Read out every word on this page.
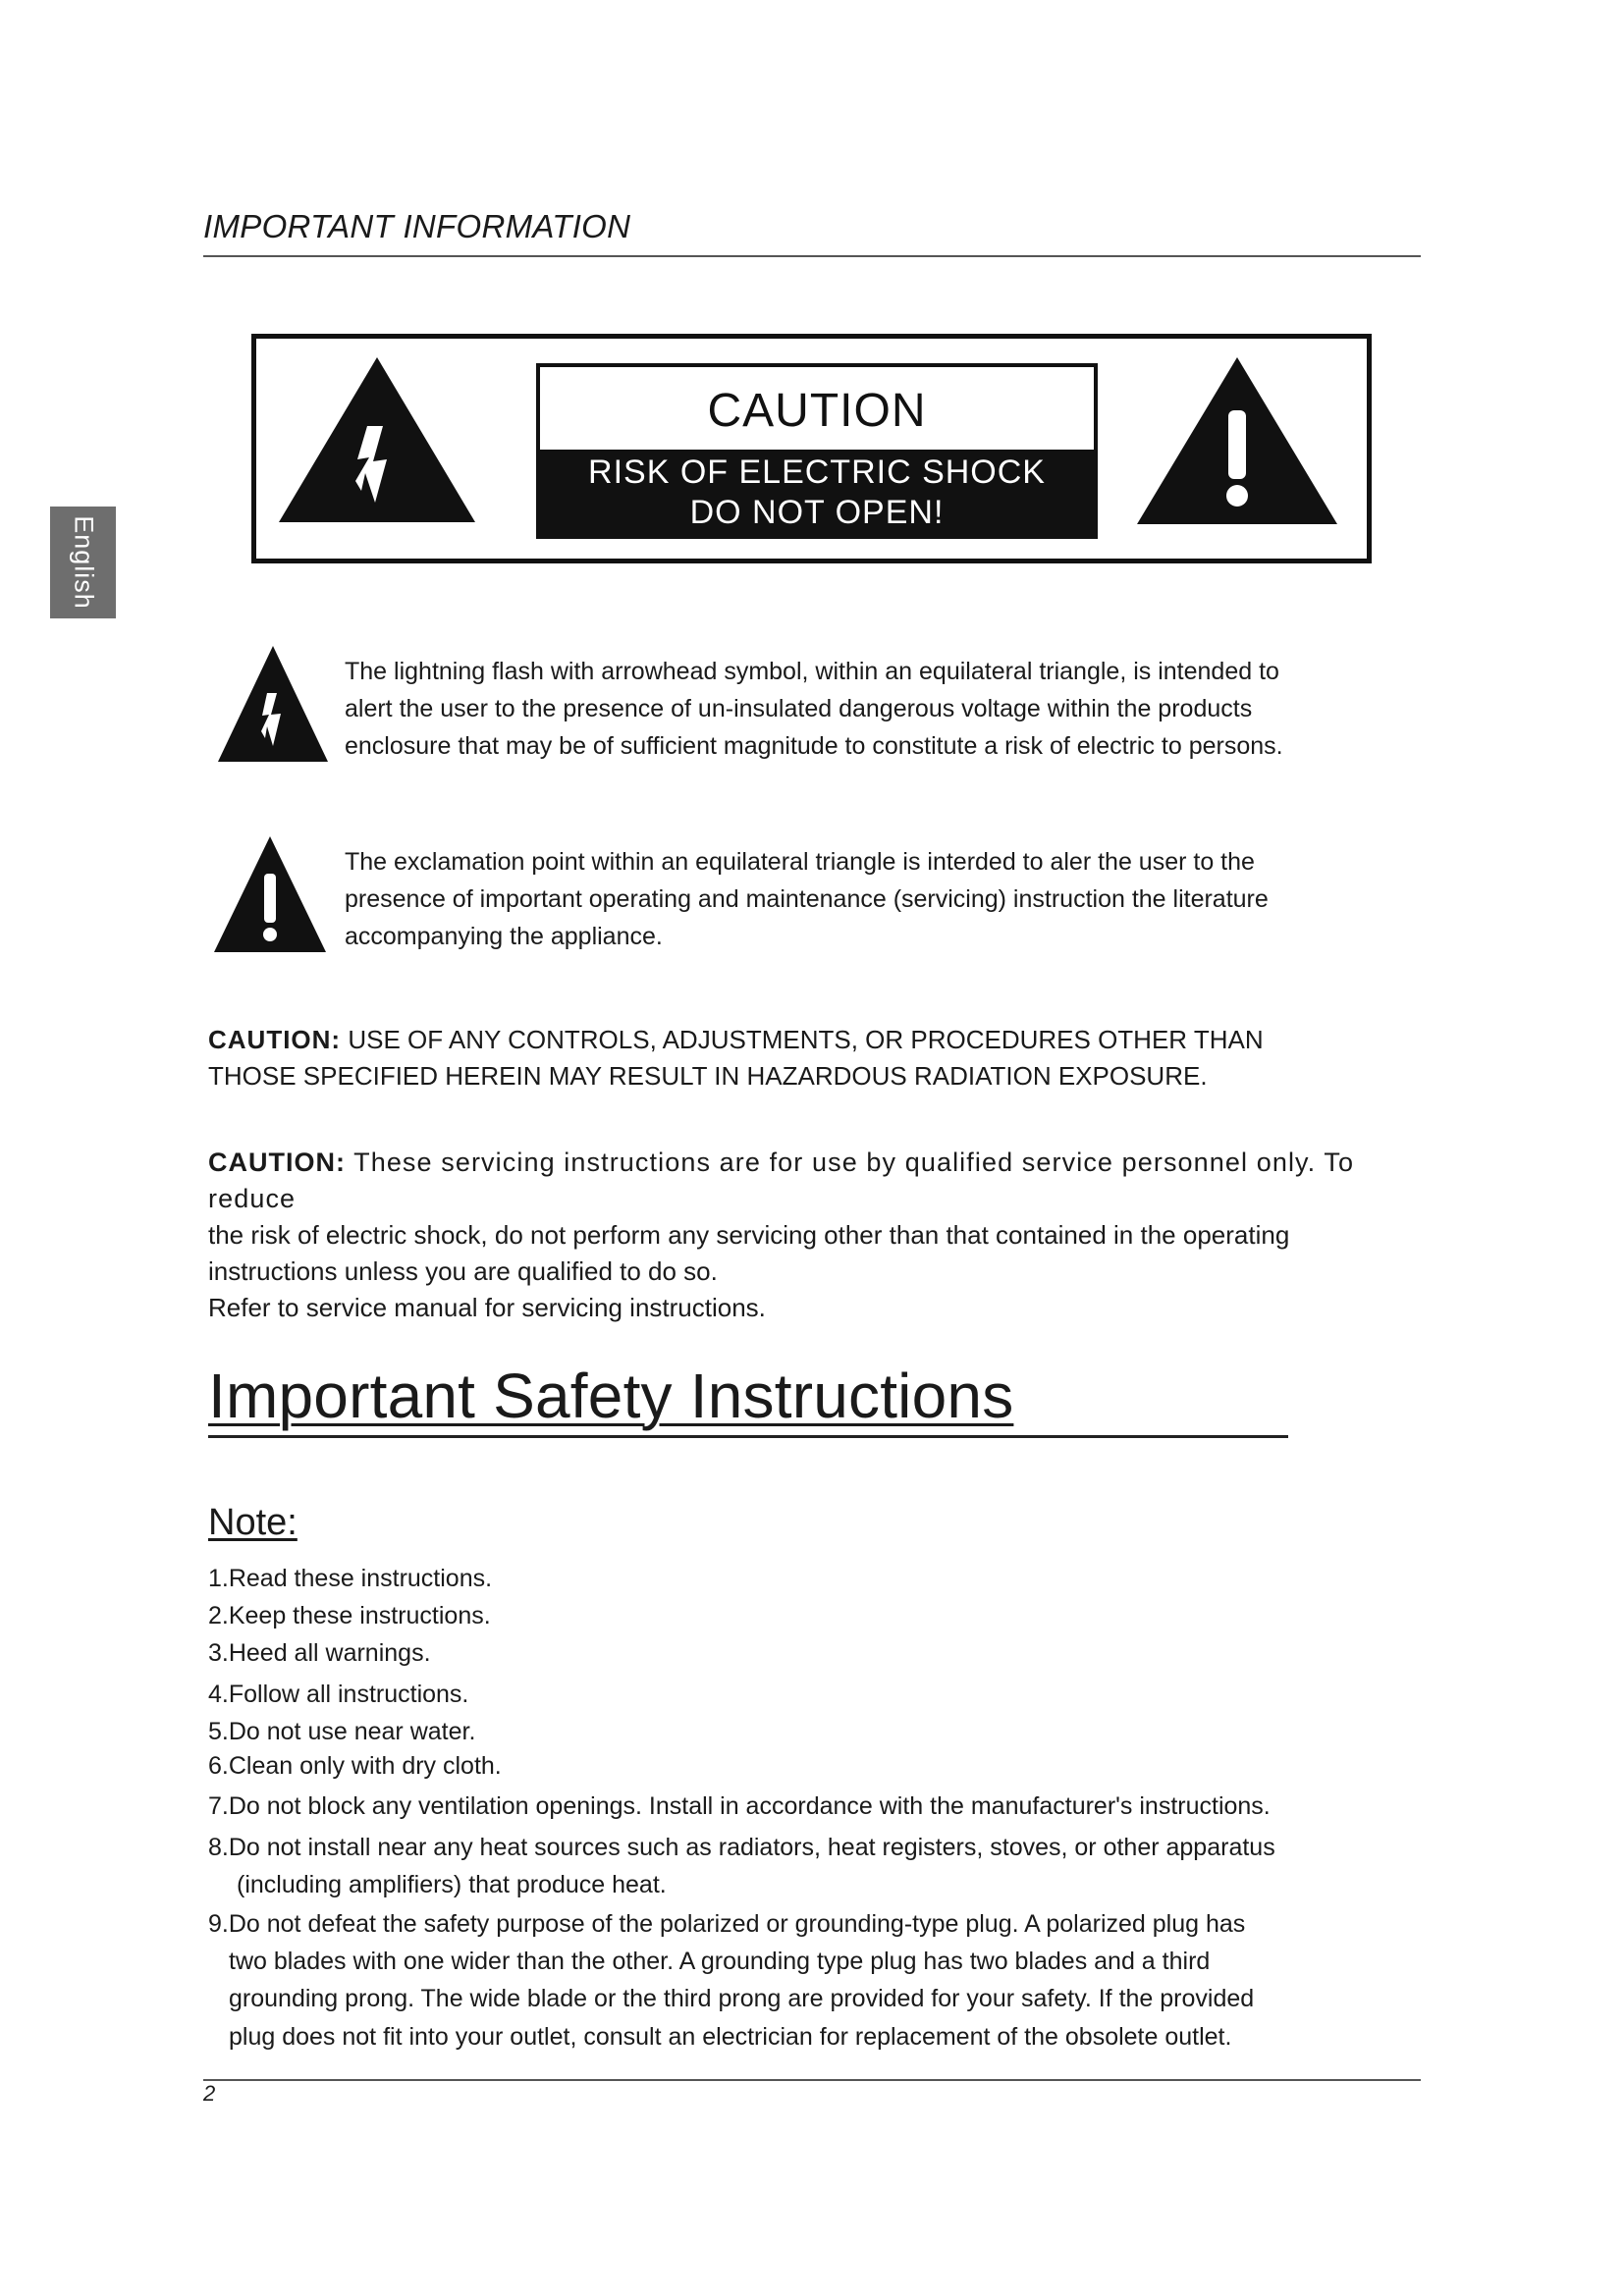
IMPORTANT INFORMATION
English
CAUTION
RISK OF ELECTRIC SHOCK
DO NOT OPEN!
The lightning flash with arrowhead symbol, within an equilateral triangle, is intended to
alert the user to the presence of un-insulated dangerous voltage within the products
enclosure that may be of sufficient magnitude to constitute a risk of electric to persons.
The exclamation point within an equilateral triangle is interded to aler the user to the
presence of important operating and maintenance (servicing) instruction the literature
accompanying the appliance.
CAUTION: USE OF ANY CONTROLS, ADJUSTMENTS, OR PROCEDURES OTHER THAN
THOSE SPECIFIED HEREIN MAY RESULT IN HAZARDOUS RADIATION EXPOSURE.
CAUTION: These servicing instructions are for use by qualified service personnel only. To reduce
the risk of electric shock, do not perform any servicing other than that contained in the operating
instructions unless you are qualified to do so.
Refer to service manual for servicing instructions.
Important Safety Instructions
Note:
1.Read these instructions.
2.Keep these instructions.
3.Heed all warnings.
4.Follow all instructions.
5.Do not use near water.
6.Clean only with dry cloth.
7.Do not block any ventilation openings. Install in accordance with the manufacturer's instructions.
8.Do not install near any heat sources such as radiators, heat registers, stoves, or other apparatus
(including amplifiers) that produce heat.
9.Do not defeat the safety purpose of the polarized or grounding-type plug. A polarized plug has
two blades with one wider than the other. A grounding type plug has two blades and a third
grounding prong. The wide blade or the third prong are provided for your safety. If the provided
plug does not fit into your outlet, consult an electrician for replacement of the obsolete outlet.
2
